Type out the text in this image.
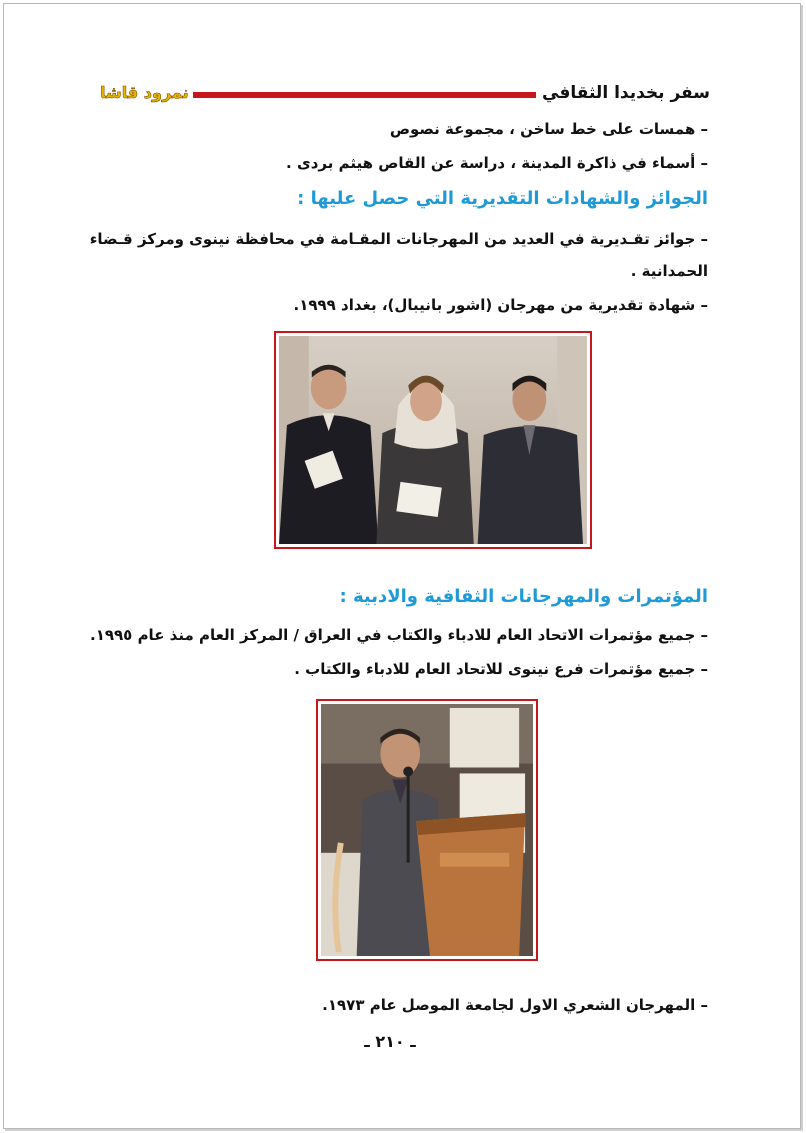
سفر بخديدا الثقافي
نمرود قاشا
– همسات على خط ساخن ، مجموعة نصوص
– أسماء في ذاكرة المدينة ، دراسة عن القاص هيثم بردى .
الجوائز والشهادات التقديرية التي حصل عليها :
– جوائز تقـديرية في العديد من المهرجانات المقـامة في محافظة نينوى ومركز قـضاء
الحمدانية .
– شهادة تقديرية من مهرجان (اشور بانيبال)، بغداد ١٩٩٩.
المؤتمرات والمهرجانات الثقافية والادبية :
– جميع مؤتمرات الاتحاد العام للادباء والكتاب في العراق / المركز العام منذ عام ١٩٩٥.
– جميع مؤتمرات فرع نينوى للاتحاد العام للادباء والكتاب .
– المهرجان الشعري الاول لجامعة الموصل عام ١٩٧٣.
ـ ٢١٠ ـ
